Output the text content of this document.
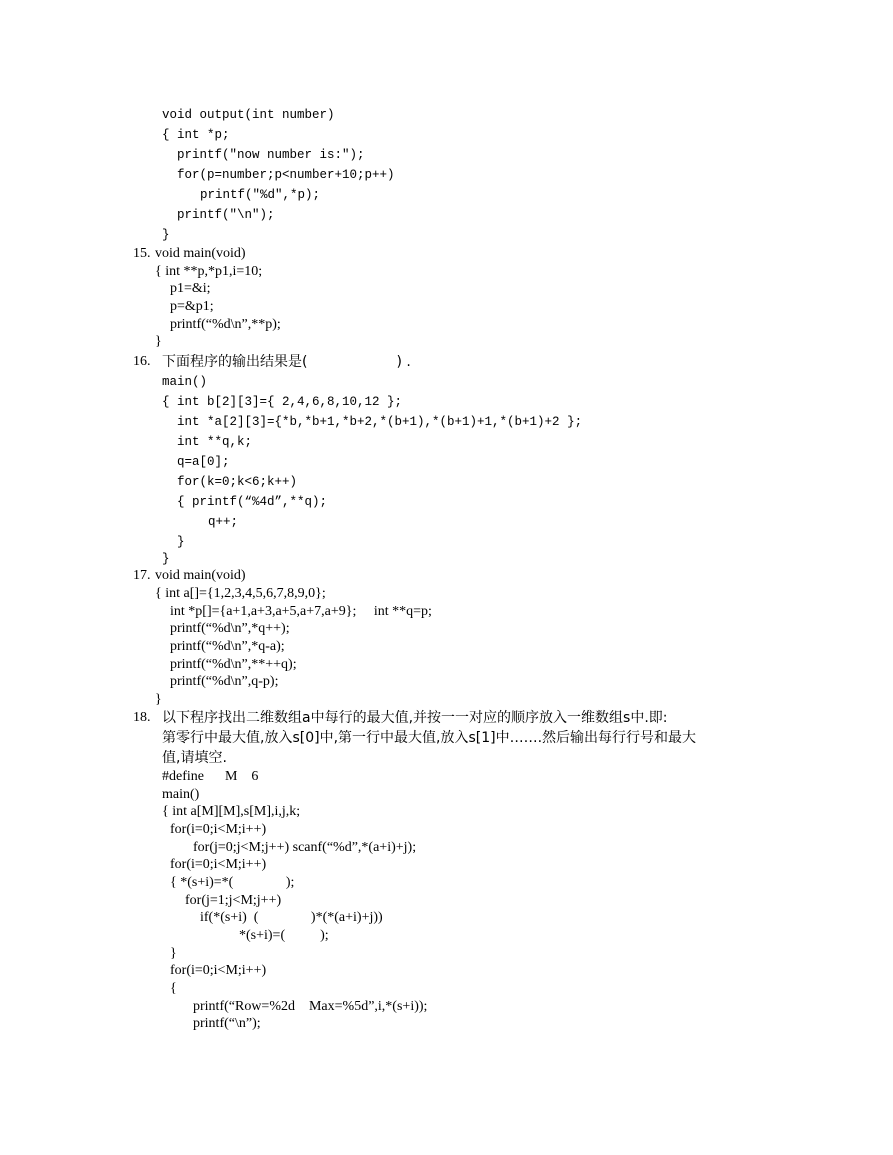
void output(int number)
{ int *p;
printf("now number is:");
for(p=number;p<number+10;p++)
printf("%d",*p);
printf("\n");
}
15. void main(void)
{ int **p,*p1,i=10;
p1=&i;
p=&p1;
printf(“%d\n”,**p);
}
16. 下面程序的输出结果是(                    ) .
main()
{ int b[2][3]={ 2,4,6,8,10,12 };
int *a[2][3]={*b,*b+1,*b+2,*(b+1),*(b+1)+1,*(b+1)+2 };
int **q,k;
q=a[0];
for(k=0;k<6;k++)
{ printf(“%4d”,**q);
q++;
}
}
17. void main(void)
{ int a[]={1,2,3,4,5,6,7,8,9,0};
int *p[]={a+1,a+3,a+5,a+7,a+9};     int **q=p;
printf(“%d\n”,*q++);
printf(“%d\n”,*q-a);
printf(“%d\n”,**++q);
printf(“%d\n”,q-p);
}
18. 以下程序找出二维数组a中每行的最大值,并按一一对应的顺序放入一维数组s中.即:
第零行中最大值,放入s[0]中,第一行中最大值,放入s[1]中…….然后输出每行行号和最大
值,请填空.
#define      M    6
main()
{ int a[M][M],s[M],i,j,k;
for(i=0;i<M;i++)
for(j=0;j<M;j++) scanf(“%d”,*(a+i)+j);
for(i=0;i<M;i++)
{ *(s+i)=*(               );
for(j=1;j<M;j++)
if(*(s+i)  (               )*(*(a+i)+j))
*(s+i)=(          );
}
for(i=0;i<M;i++)
{
printf(“Row=%2d    Max=%5d”,i,*(s+i));
printf(“\n”);
